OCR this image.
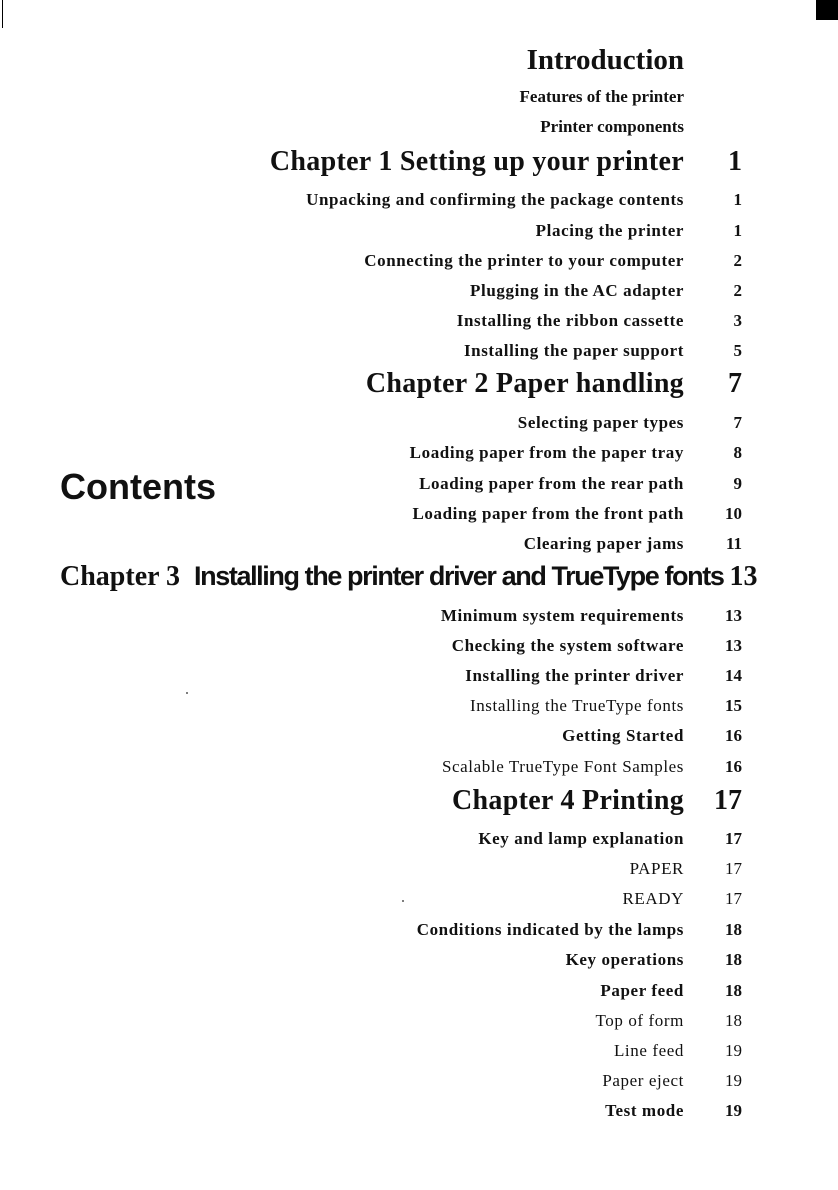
Introduction
Features of the printer
Printer components
Chapter 1 Setting up your printer 1
Unpacking and confirming the package contents	1
Placing the printer	1
Connecting the printer to your computer	2
Plugging in the AC adapter	2
Installing the ribbon cassette	3
Installing the paper support	5
Chapter 2 Paper handling 7
Selecting paper types	7
Loading paper from the paper tray	8
Loading paper from the rear path	9
Loading paper from the front path 10
Clearing paper jams 11
Contents
Chapter 3 Installing the printer driver and TrueType fonts 13
Minimum system requirements 13
Checking the system software 13
Installing the printer driver 14
Installing the TrueType fonts 15
Getting Started 16
Scalable TrueType Font Samples 16
Chapter 4 Printing 17
Key and lamp explanation 17
PAPER 17
READY 17
Conditions indicated by the lamps 18
Key operations 18
Paper feed 18
Top of form 18
Line feed 19
Paper eject 19
Test mode 19
